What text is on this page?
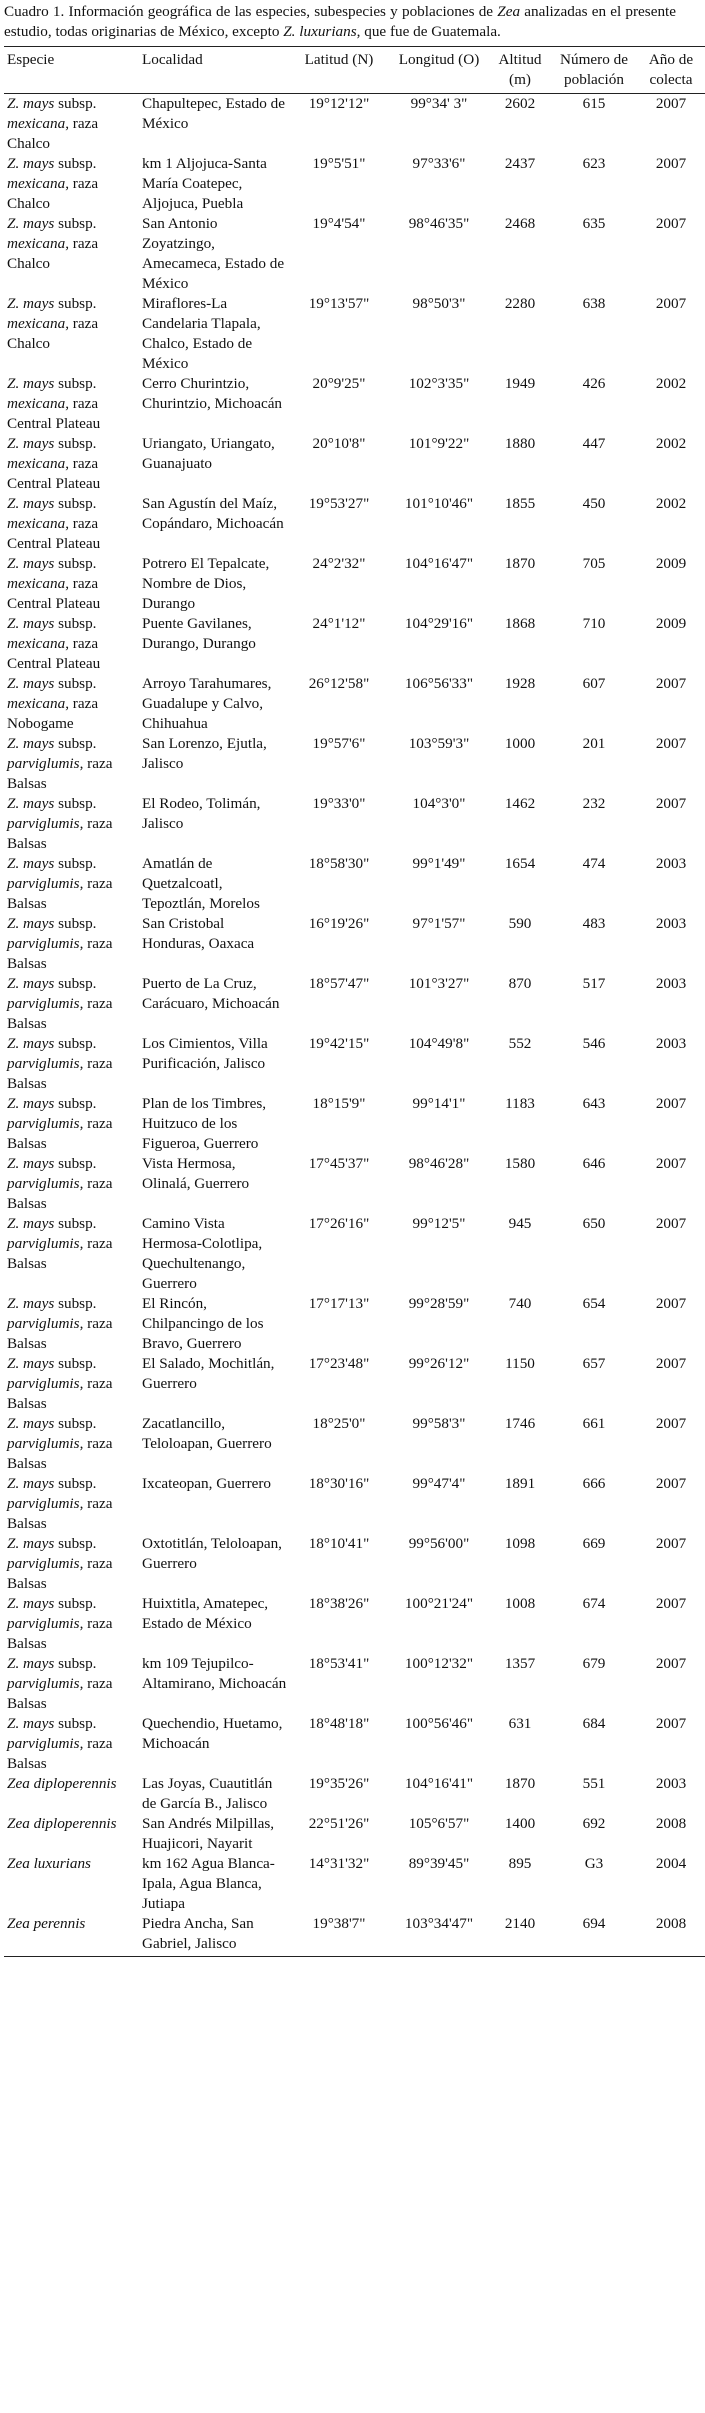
Cuadro 1. Información geográfica de las especies, subespecies y poblaciones de Zea analizadas en el presente estudio, todas originarias de México, excepto Z. luxurians, que fue de Guatemala.

Especie	Localidad	Latitud (N)	Longitud (O)	Altitud (m)	Número de población	Año de colecta
Z. mays subsp. mexicana, raza Chalco	Chapultepec, Estado de México	19°12'12"	99°34' 3"	2602	615	2007
Z. mays subsp. mexicana, raza Chalco	km 1 Aljojuca-Santa María Coatepec, Aljojuca, Puebla	19°5'51"	97°33'6"	2437	623	2007
Z. mays subsp. mexicana, raza Chalco	San Antonio Zoyatzingo, Amecameca, Estado de México	19°4'54"	98°46'35"	2468	635	2007
Z. mays subsp. mexicana, raza Chalco	Miraflores-La Candelaria Tlapala, Chalco, Estado de México	19°13'57"	98°50'3"	2280	638	2007
Z. mays subsp. mexicana, raza Central Plateau	Cerro Churintzio, Churintzio, Michoacán	20°9'25"	102°3'35"	1949	426	2002
Z. mays subsp. mexicana, raza Central Plateau	Uriangato, Uriangato, Guanajuato	20°10'8"	101°9'22"	1880	447	2002
Z. mays subsp. mexicana, raza Central Plateau	San Agustín del Maíz, Copándaro, Michoacán	19°53'27"	101°10'46"	1855	450	2002
Z. mays subsp. mexicana, raza Central Plateau	Potrero El Tepalcate, Nombre de Dios, Durango	24°2'32"	104°16'47"	1870	705	2009
Z. mays subsp. mexicana, raza Central Plateau	Puente Gavilanes, Durango, Durango	24°1'12"	104°29'16"	1868	710	2009
Z. mays subsp. mexicana, raza Nobogame	Arroyo Tarahumares, Guadalupe y Calvo, Chihuahua	26°12'58"	106°56'33"	1928	607	2007
Z. mays subsp. parviglumis, raza Balsas	San Lorenzo, Ejutla, Jalisco	19°57'6"	103°59'3"	1000	201	2007
Z. mays subsp. parviglumis, raza Balsas	El Rodeo, Tolimán, Jalisco	19°33'0"	104°3'0"	1462	232	2007
Z. mays subsp. parviglumis, raza Balsas	Amatlán de Quetzalcoatl, Tepoztlán, Morelos	18°58'30"	99°1'49"	1654	474	2003
Z. mays subsp. parviglumis, raza Balsas	San Cristobal Honduras, Oaxaca	16°19'26"	97°1'57"	590	483	2003
Z. mays subsp. parviglumis, raza Balsas	Puerto de La Cruz, Carácuaro, Michoacán	18°57'47"	101°3'27"	870	517	2003
Z. mays subsp. parviglumis, raza Balsas	Los Cimientos, Villa Purificación, Jalisco	19°42'15"	104°49'8"	552	546	2003
Z. mays subsp. parviglumis, raza Balsas	Plan de los Timbres, Huitzuco de los Figueroa, Guerrero	18°15'9"	99°14'1"	1183	643	2007
Z. mays subsp. parviglumis, raza Balsas	Vista Hermosa, Olinalá, Guerrero	17°45'37"	98°46'28"	1580	646	2007
Z. mays subsp. parviglumis, raza Balsas	Camino Vista Hermosa-Colotlipa, Quechultenango, Guerrero	17°26'16"	99°12'5"	945	650	2007
Z. mays subsp. parviglumis, raza Balsas	El Rincón, Chilpancingo de los Bravo, Guerrero	17°17'13"	99°28'59"	740	654	2007
Z. mays subsp. parviglumis, raza Balsas	El Salado, Mochitlán, Guerrero	17°23'48"	99°26'12"	1150	657	2007
Z. mays subsp. parviglumis, raza Balsas	Zacatlancillo, Teloloapan, Guerrero	18°25'0"	99°58'3"	1746	661	2007
Z. mays subsp. parviglumis, raza Balsas	Ixcateopan, Guerrero	18°30'16"	99°47'4"	1891	666	2007
Z. mays subsp. parviglumis, raza Balsas	Oxtotitlán, Teloloapan, Guerrero	18°10'41"	99°56'00"	1098	669	2007
Z. mays subsp. parviglumis, raza Balsas	Huixtitla, Amatepec, Estado de México	18°38'26"	100°21'24"	1008	674	2007
Z. mays subsp. parviglumis, raza Balsas	km 109 Tejupilco-Altamirano, Michoacán	18°53'41"	100°12'32"	1357	679	2007
Z. mays subsp. parviglumis, raza Balsas	Quechendio, Huetamo, Michoacán	18°48'18"	100°56'46"	631	684	2007
Zea diploperennis	Las Joyas, Cuautitlán de García B., Jalisco	19°35'26"	104°16'41"	1870	551	2003
Zea diploperennis	San Andrés Milpillas, Huajicori, Nayarit	22°51'26"	105°6'57"	1400	692	2008
Zea luxurians	km 162 Agua Blanca-Ipala, Agua Blanca, Jutiapa	14°31'32"	89°39'45"	895	G3	2004
Zea perennis	Piedra Ancha, San Gabriel, Jalisco	19°38'7"	103°34'47"	2140	694	2008
